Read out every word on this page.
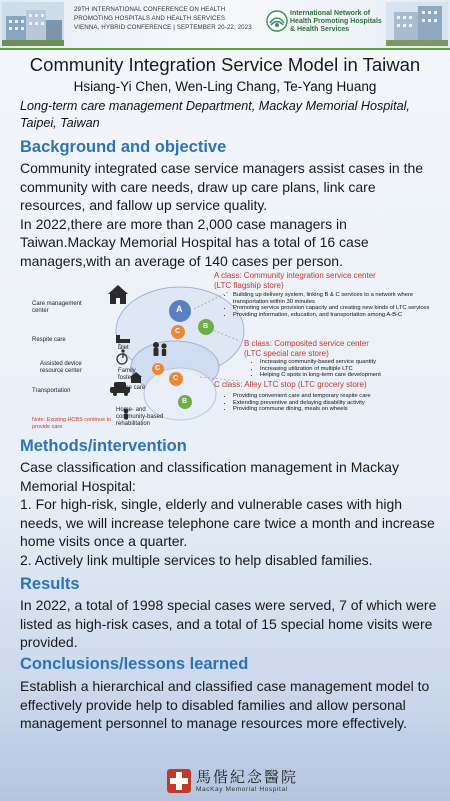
29TH INTERNATIONAL CONFERENCE ON HEALTH
PROMOTING HOSPITALS AND HEALTH SERVICES
VIENNA, HYBRID CONFERENCE | SEPTEMBER 20-22, 2023
International Network of
Health Promoting Hospitals
& Health Services
Community Integration Service Model in Taiwan
Hsiang-Yi Chen, Wen-Ling Chang, Te-Yang Huang
Long-term care management Department, Mackay Memorial Hospital, Taipei, Taiwan
Background and objective

Community integrated case service managers assist cases in the community with care needs, draw up care plans, link care resources, and fallow up service quality.

In 2022,there are more than 2,000 case managers in Taiwan.Mackay Memorial Hospital has a total of 16 case managers,with an average of 140 cases per person.

A
C
B
C
C
B
Care management center
Respite care
Assisted device resource center
Transportation
Home- and community-based rehabilitation
Diet
Family fostering
Home care
Note: Existing HCBS continue to provide care
A class: Community integration service center
(LTC flagship store)
• Building up delivery system, linking B & C services to a network where transportation within 30 minutes
• Promoting service provision capacity and creating new kinds of LTC services
• Providing information, education, and transportation among A-B-C
B class: Composited service center
(LTC special care store)
• Increasing community-based service quantity
• Increasing utilization of multiple LTC
• Helping C spots in long-term care development
C class: Alley LTC stop (LTC grocery store)
• Providing convenient care and temporary respite care
• Extending preventive and delaying disability activity
• Providing commune dining, meals on wheels
Methods/intervention

Case classification and classification management in Mackay Memorial Hospital:

1. For high-risk, single, elderly and vulnerable cases with high needs, we will increase telephone care twice a month and increase home visits once a quarter.

2. Actively link multiple services to help disabled families.

Results

In 2022, a total of 1998 special cases were served, 7 of which were listed as high-risk cases, and a total of 15 special home visits were provided.

Conclusions/lessons learned

Establish a hierarchical and classified case management model to effectively provide help to disabled families and allow personal management personnel to manage resources more effectively.

馬偕紀念醫院
MacKay Memorial Hospital
